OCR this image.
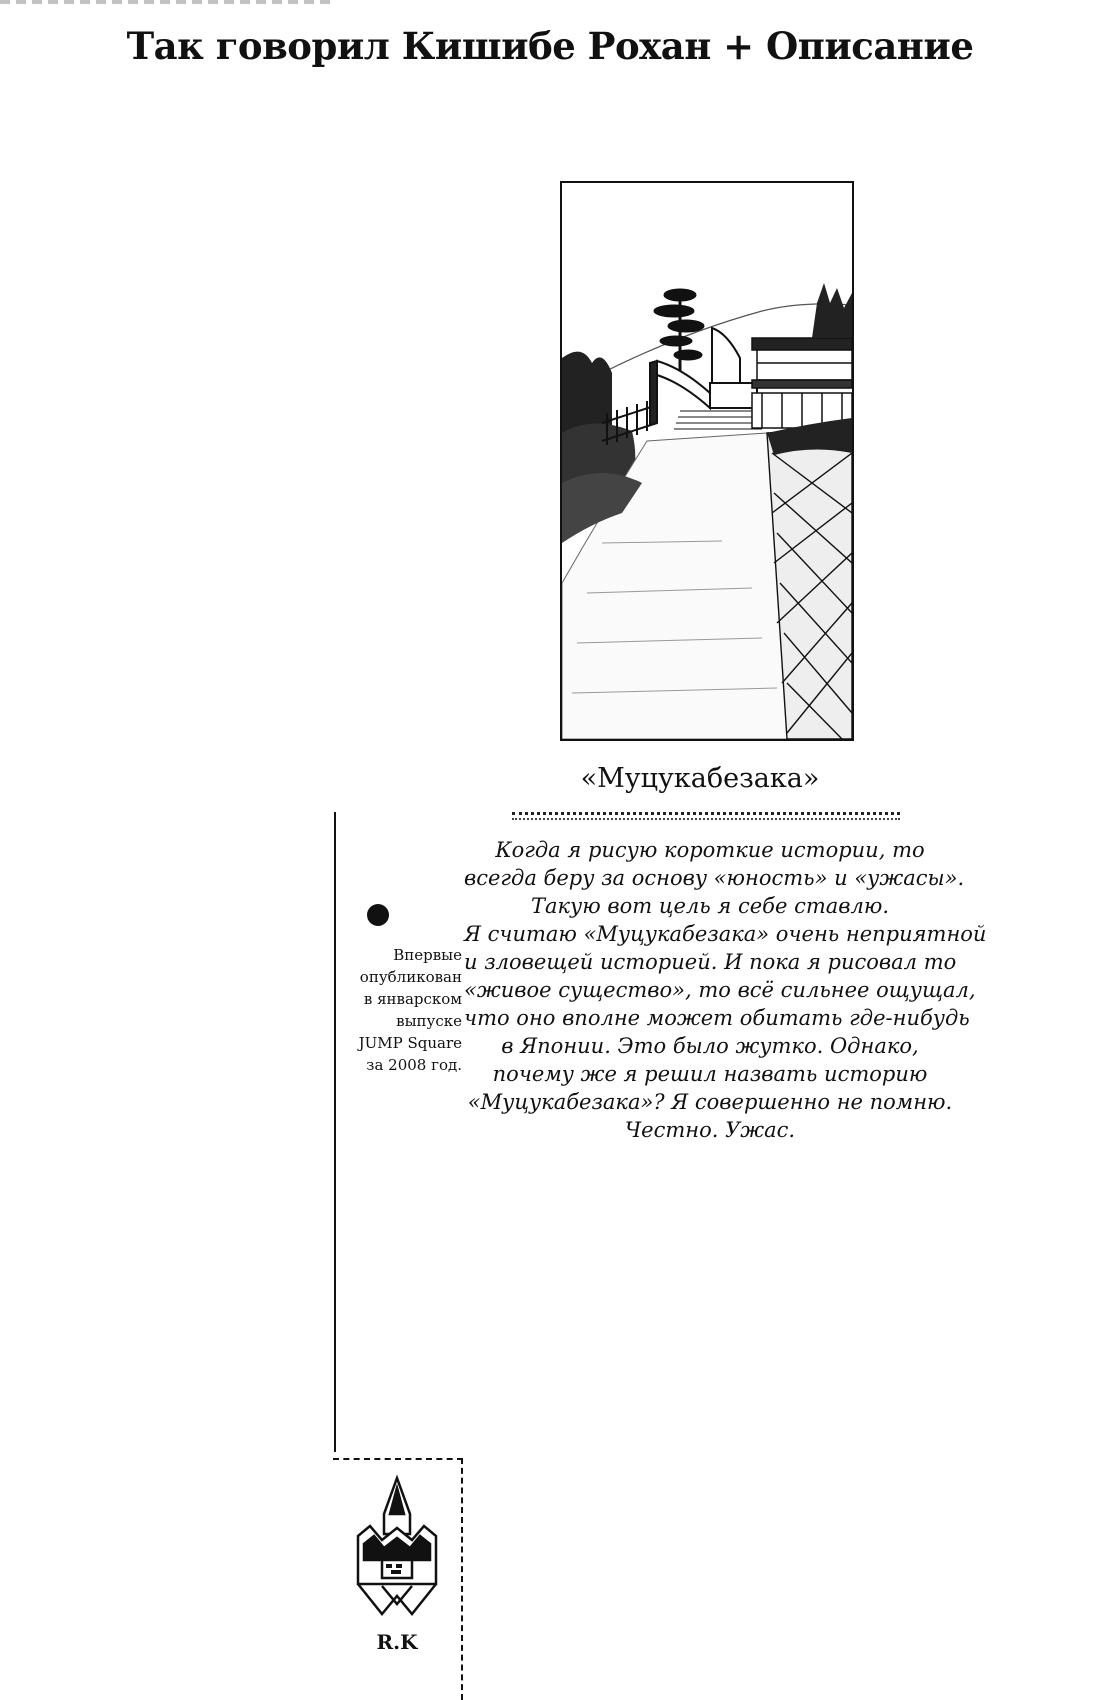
Так говорил Кишибе Рохан + Описание
«Муцукабезака»
Впервые
опубликован
в январском
выпуске
JUMP Square
за 2008 год.
Когда я рисую короткие истории, то
всегда беру за основу «юность» и «ужасы».
Такую вот цель я себе ставлю.
Я считаю «Муцукабезака» очень неприятной
и зловещей историей. И пока я рисовал то
«живое существо», то всё сильнее ощущал,
что оно вполне может обитать где-нибудь
в Японии. Это было жутко. Однако,
почему же я решил назвать историю
«Муцукабезака»? Я совершенно не помню.
Честно. Ужас.
R.K
